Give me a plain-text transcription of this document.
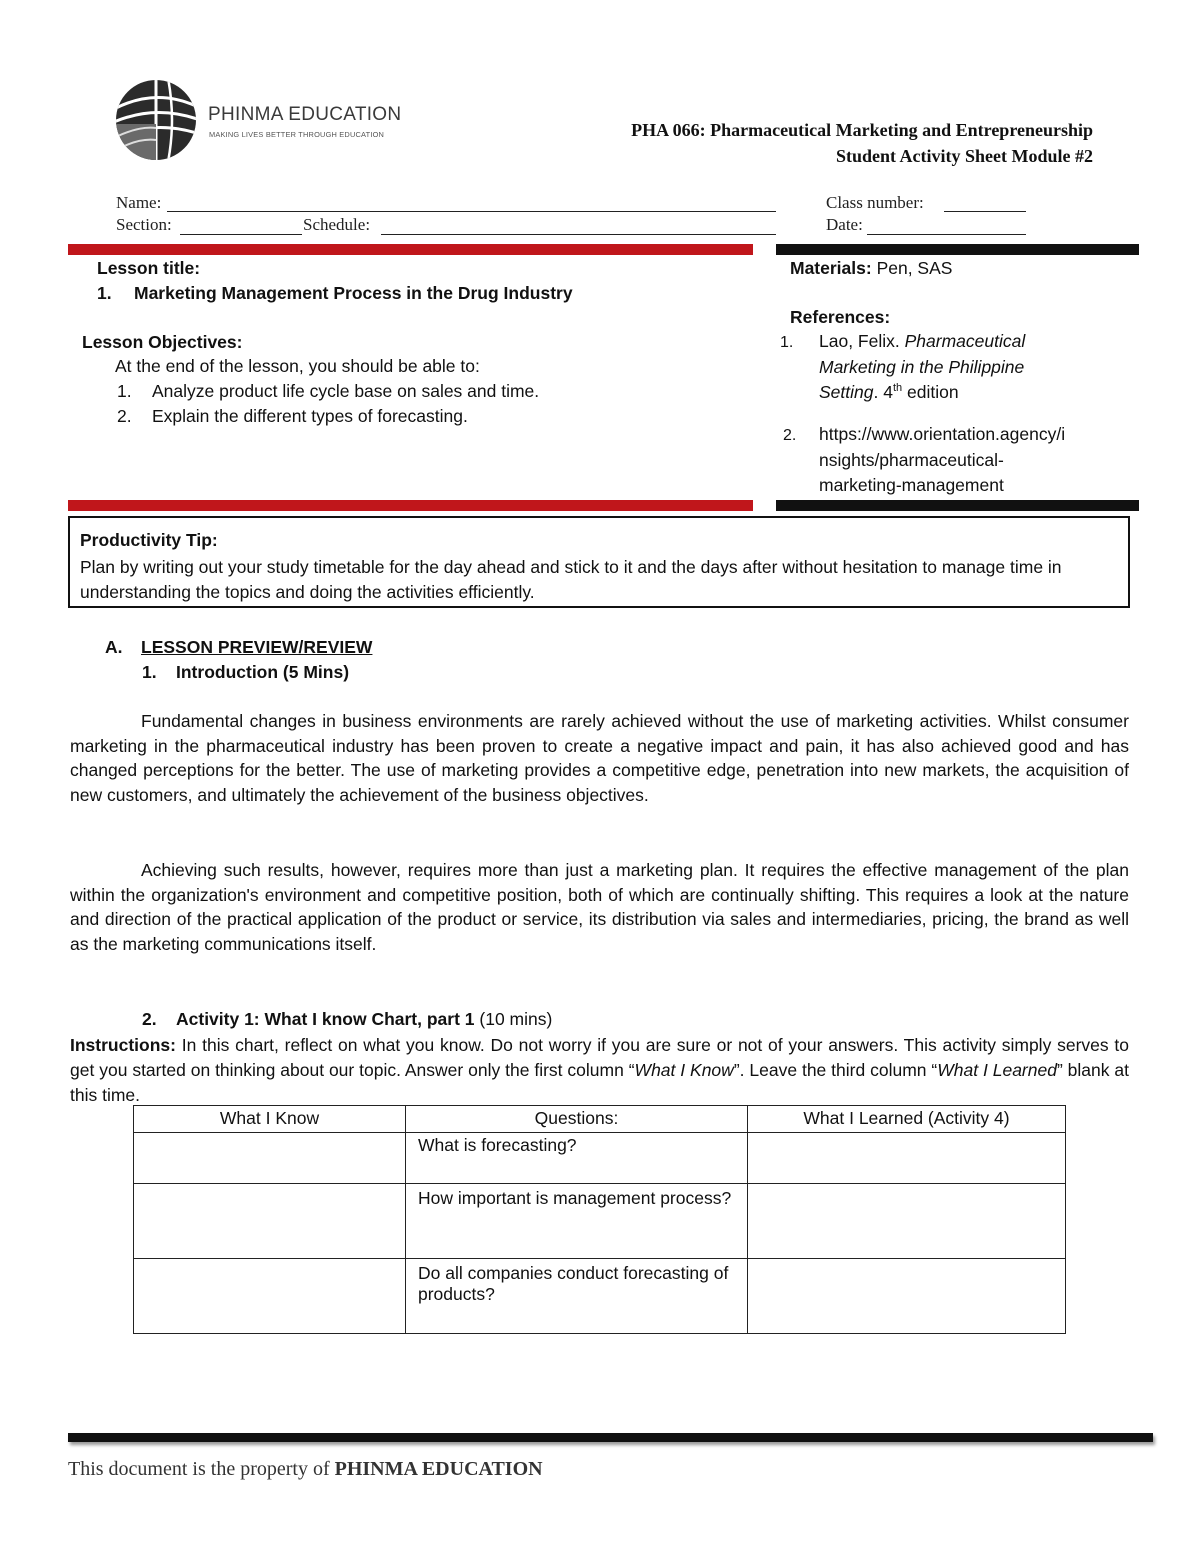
PHINMA EDUCATION
MAKING LIVES BETTER THROUGH EDUCATION	PHA 066: Pharmaceutical Marketing and Entrepreneurship
Student Activity Sheet Module #2
Name:
Section:	Schedule:
Class number:
Date:
Lesson title:
1. Marketing Management Process in the Drug Industry
Lesson Objectives:
At the end of the lesson, you should be able to:
1. Analyze product life cycle base on sales and time.
2. Explain the different types of forecasting.
Materials: Pen, SAS
References:
1. Lao, Felix. Pharmaceutical
Marketing in the Philippine
Setting. 4th edition
2. https://www.orientation.agency/i
nsights/pharmaceutical-
marketing-management
Productivity Tip:
Plan by writing out your study timetable for the day ahead and stick to it and the days after without hesitation to manage time in understanding the topics and doing the activities efficiently.
A. LESSON PREVIEW/REVIEW
1. Introduction (5 Mins)
Fundamental changes in business environments are rarely achieved without the use of marketing activities. Whilst consumer marketing in the pharmaceutical industry has been proven to create a negative impact and pain, it has also achieved good and has changed perceptions for the better. The use of marketing provides a competitive edge, penetration into new markets, the acquisition of new customers, and ultimately the achievement of the business objectives.
Achieving such results, however, requires more than just a marketing plan. It requires the effective management of the plan within the organization's environment and competitive position, both of which are continually shifting. This requires a look at the nature and direction of the practical application of the product or service, its distribution via sales and intermediaries, pricing, the brand as well as the marketing communications itself.
2. Activity 1: What I know Chart, part 1 (10 mins)
Instructions: In this chart, reflect on what you know. Do not worry if you are sure or not of your answers. This activity simply serves to get you started on thinking about our topic. Answer only the first column “What I Know”. Leave the third column “What I Learned” blank at this time.
What I Know	Questions:	What I Learned (Activity 4)
	What is forecasting?	
	How important is management process?	
	Do all companies conduct forecasting of products?	
This document is the property of PHINMA EDUCATION
